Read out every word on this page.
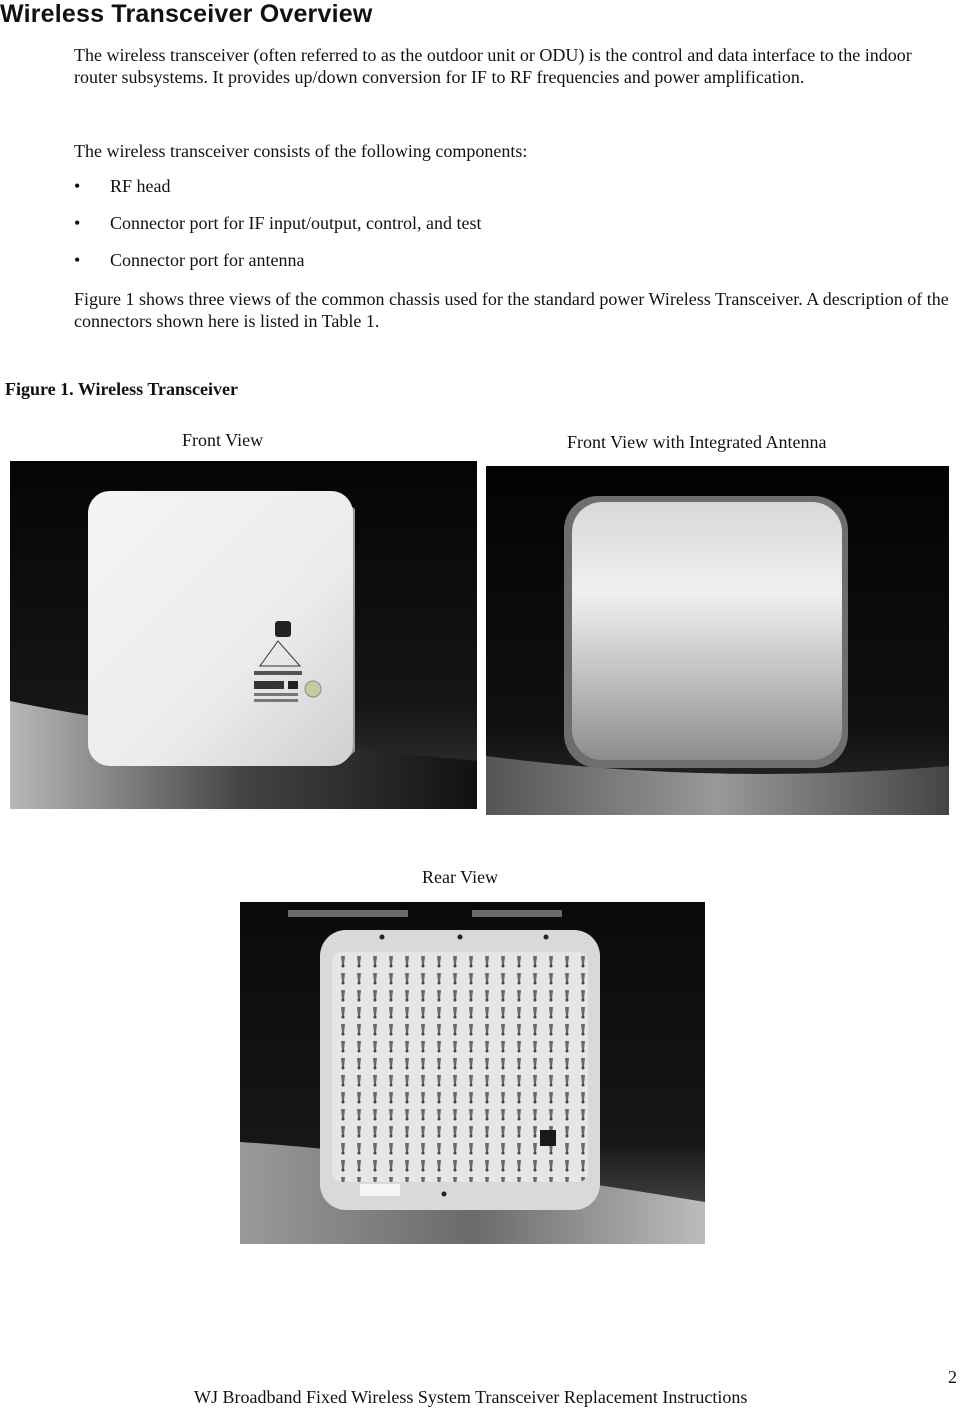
Wireless Transceiver Overview

The wireless transceiver (often referred to as the outdoor unit or ODU) is the control and data interface to the indoor router subsystems. It provides up/down conversion for IF to RF frequencies and power amplification.

The wireless transceiver consists of the following components:

• RF head
• Connector port for IF input/output, control, and test
• Connector port for antenna

Figure 1 shows three views of the common chassis used for the standard power Wireless Transceiver. A description of the connectors shown here is listed in Table 1.

Figure 1. Wireless Transceiver
Front View	Front View with Integrated Antenna
Rear View
2
WJ Broadband Fixed Wireless System Transceiver Replacement Instructions
